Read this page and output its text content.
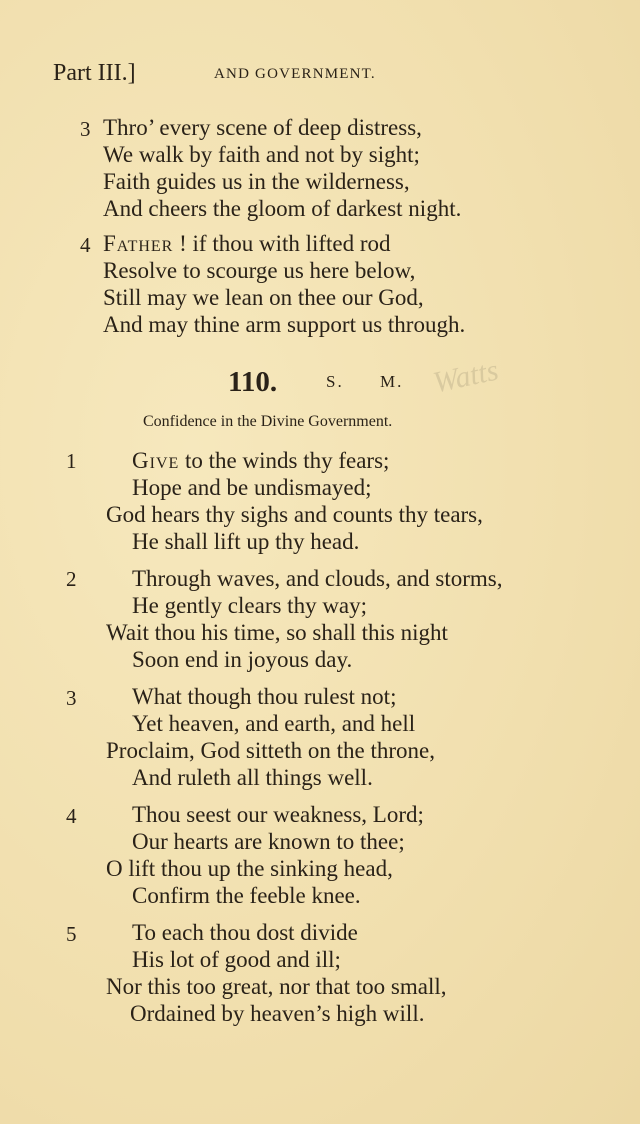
Part III.]	AND GOVERNMENT.
3 Thro’ every scene of deep distress,
We walk by faith and not by sight;
Faith guides us in the wilderness,
And cheers the gloom of darkest night.
4 Father ! if thou with lifted rod
Resolve to scourge us here below,
Still may we lean on thee our God,
And may thine arm support us through.
110.	S. M. Watts
Confidence in the Divine Government.
1 Give to the winds thy fears;
Hope and be undismayed;
God hears thy sighs and counts thy tears,
He shall lift up thy head.
2 Through waves, and clouds, and storms,
He gently clears thy way;
Wait thou his time, so shall this night
Soon end in joyous day.
3 What though thou rulest not;
Yet heaven, and earth, and hell
Proclaim, God sitteth on the throne,
And ruleth all things well.
4 Thou seest our weakness, Lord;
Our hearts are known to thee;
O lift thou up the sinking head,
Confirm the feeble knee.
5 To each thou dost divide
His lot of good and ill;
Nor this too great, nor that too small,
Ordained by heaven’s high will.
